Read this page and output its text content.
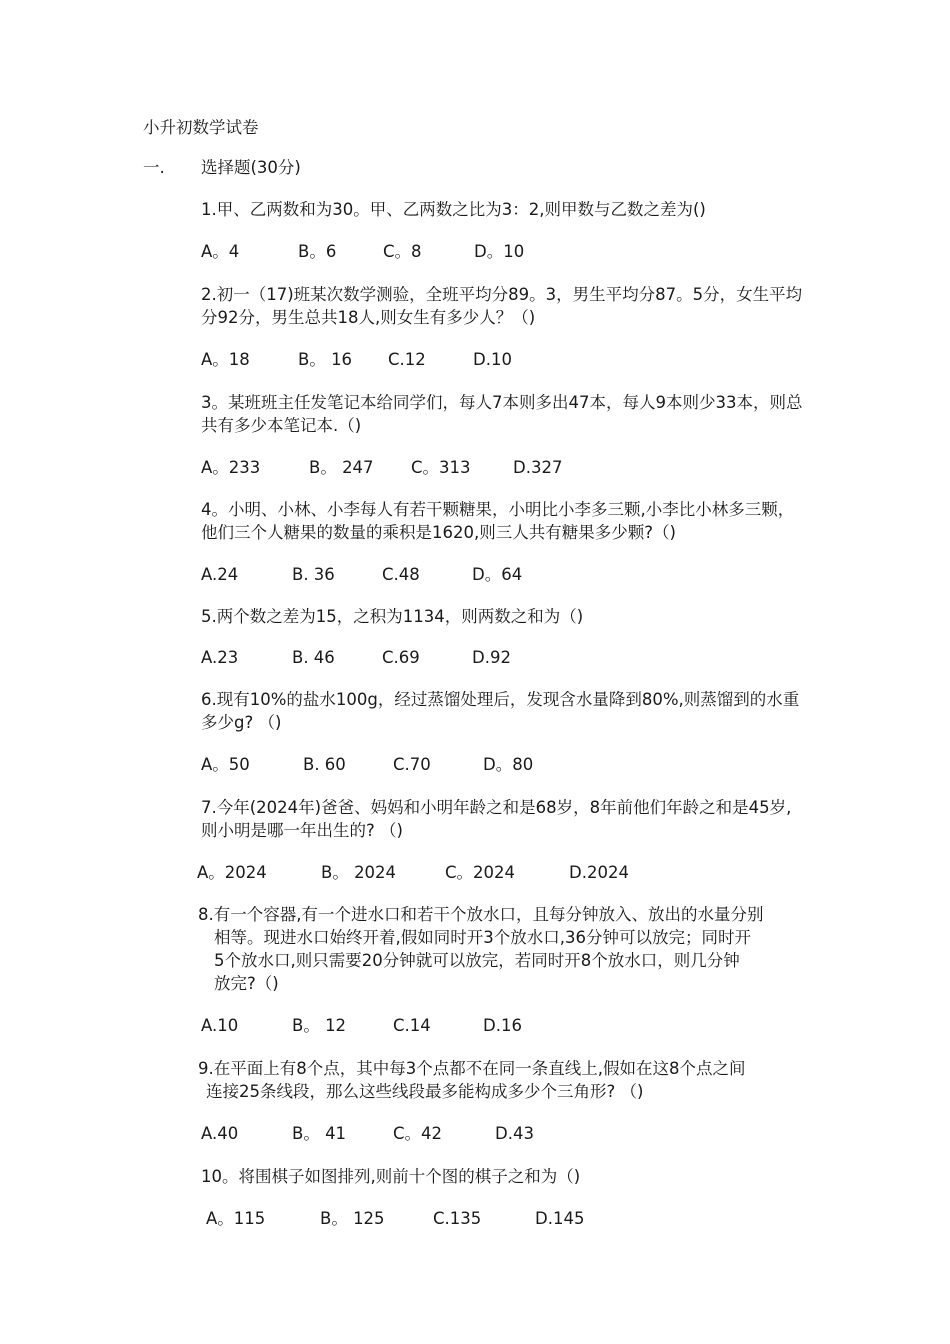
小升初数学试卷
一. 选择题(30分)
1.甲、乙两数和为30。甲、乙两数之比为3：2,则甲数与乙数之差为()
A。4	B。6	C。8	D。10
2.初一（17)班某次数学测验，全班平均分89。3，男生平均分87。5分，女生平均分92分，男生总共18人,则女生有多少人？（)
A。18	B。 16 C.12	D.10
3。某班班主任发笔记本给同学们，每人7本则多出47本，每人9本则少33本，则总共有多少本笔记本.（)
A。233	B。 247 C。313	D.327
4。小明、小林、小李每人有若干颗糖果，小明比小李多三颗,小李比小林多三颗，他们三个人糖果的数量的乘积是1620,则三人共有糖果多少颗?（)
A.24	B. 36	C.48	D。64
5.两个数之差为15，之积为1134，则两数之和为（)
A.23	B. 46	C.69	D.92
6.现有10%的盐水100g，经过蒸馏处理后，发现含水量降到80%,则蒸馏到的水重多少g? （)
A。50	B. 60	C.70	D。80
7.今年(2024年)爸爸、妈妈和小明年龄之和是68岁，8年前他们年龄之和是45岁,则小明是哪一年出生的? （)
A。2024	B。 2024	C。2024	D.2024
8.有一个容器,有一个进水口和若干个放水口，且每分钟放入、放出的水量分别
相等。现进水口始终开着,假如同时开3个放水口,36分钟可以放完；同时开
5个放水口,则只需要20分钟就可以放完，若同时开8个放水口，则几分钟
放完?（)
A.10	B。 12	C.14	D.16
9.在平面上有8个点，其中每3个点都不在同一条直线上,假如在这8个点之间
连接25条线段，那么这些线段最多能构成多少个三角形? （)
A.40	B。 41	C。42	D.43
10。将围棋子如图排列,则前十个图的棋子之和为（)
A。115	B。 125	C.135	D.145
